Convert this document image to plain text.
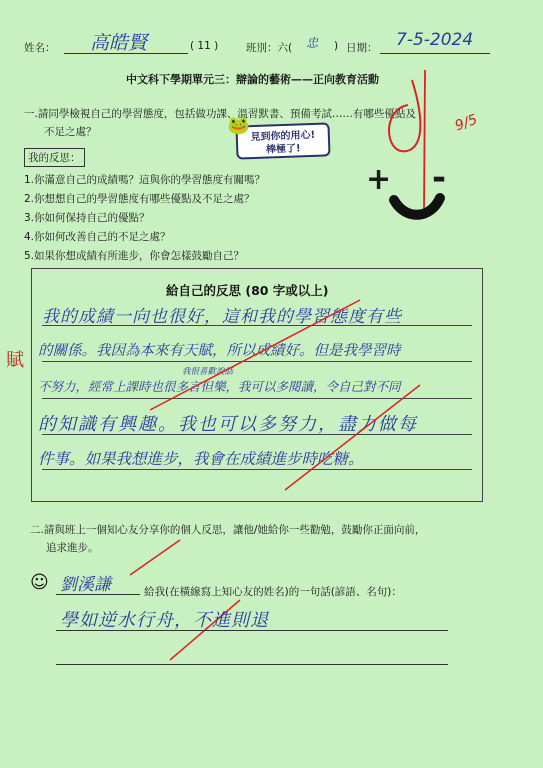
姓名： 高皓賢	( 11 )	班別：六( 忠 ) 日期： 7-5-2024
中文科下學期單元三：辯論的藝術——正向教育活動
一.請同學檢視自己的學習態度，包括做功課、溫習默書、預備考試……有哪些優點及
不足之處？
我的反思：
1.你滿意自己的成績嗎？這與你的學習態度有關嗎？
2.你想想自己的學習態度有哪些優點及不足之處？
3.你如何保持自己的優點？
4.你如何改善自己的不足之處？
5.如果你想成績有所進步，你會怎樣鼓勵自己？
🐸 見到你的用心!
棒極了!
9/5
+ -
給自己的反思 (80 字或以上)
我的成績一向也很好，這和我的學習態度有些
的關係。我因為本來有天賦，所以成績好。但是我學習時
不努力，經常上課時也很多言但樂，我可以多閱讀，令自己對不同
我很喜歡說話
的知識有興趣。我也可以多努力，盡力做每
件事。如果我想進步，我會在成績進步時吃糖。
賦
二.請與班上一個知心友分享你的個人反思，讓他/她給你一些勸勉，鼓勵你正面向前，
追求進步。
☺ 劉溪謙	給我(在橫線寫上知心友的姓名)的一句話(諺語、名句)：
學如逆水行舟，不進則退
